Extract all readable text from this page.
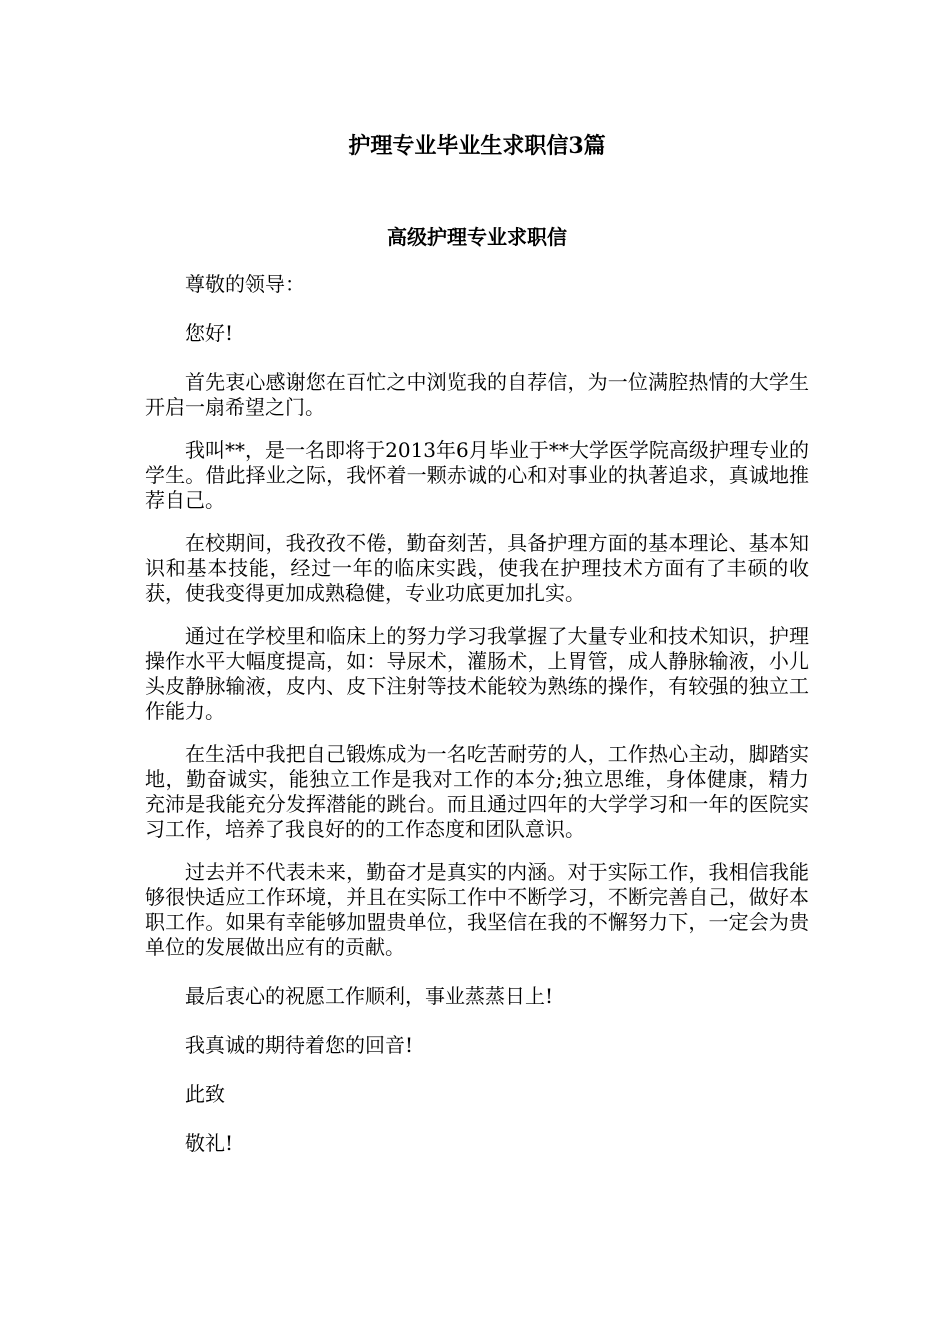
护理专业毕业生求职信3篇
高级护理专业求职信

尊敬的领导：

您好!

首先衷心感谢您在百忙之中浏览我的自荐信，为一位满腔热情的大学生开启一扇希望之门。

我叫**，是一名即将于2013年6月毕业于**大学医学院高级护理专业的学生。借此择业之际，我怀着一颗赤诚的心和对事业的执著追求，真诚地推荐自己。

在校期间，我孜孜不倦，勤奋刻苦，具备护理方面的基本理论、基本知识和基本技能，经过一年的临床实践，使我在护理技术方面有了丰硕的收获，使我变得更加成熟稳健，专业功底更加扎实。

通过在学校里和临床上的努力学习我掌握了大量专业和技术知识，护理操作水平大幅度提高，如：导尿术，灌肠术，上胃管，成人静脉输液，小儿头皮静脉输液，皮内、皮下注射等技术能较为熟练的操作，有较强的独立工作能力。

在生活中我把自己锻炼成为一名吃苦耐劳的人，工作热心主动，脚踏实地，勤奋诚实，能独立工作是我对工作的本分;独立思维，身体健康，精力充沛是我能充分发挥潜能的跳台。而且通过四年的大学学习和一年的医院实习工作，培养了我良好的的工作态度和团队意识。

过去并不代表未来，勤奋才是真实的内涵。对于实际工作，我相信我能够很快适应工作环境，并且在实际工作中不断学习，不断完善自己，做好本职工作。如果有幸能够加盟贵单位，我坚信在我的不懈努力下，一定会为贵单位的发展做出应有的贡献。

最后衷心的祝愿工作顺利，事业蒸蒸日上!

我真诚的期待着您的回音!

此致

敬礼!
